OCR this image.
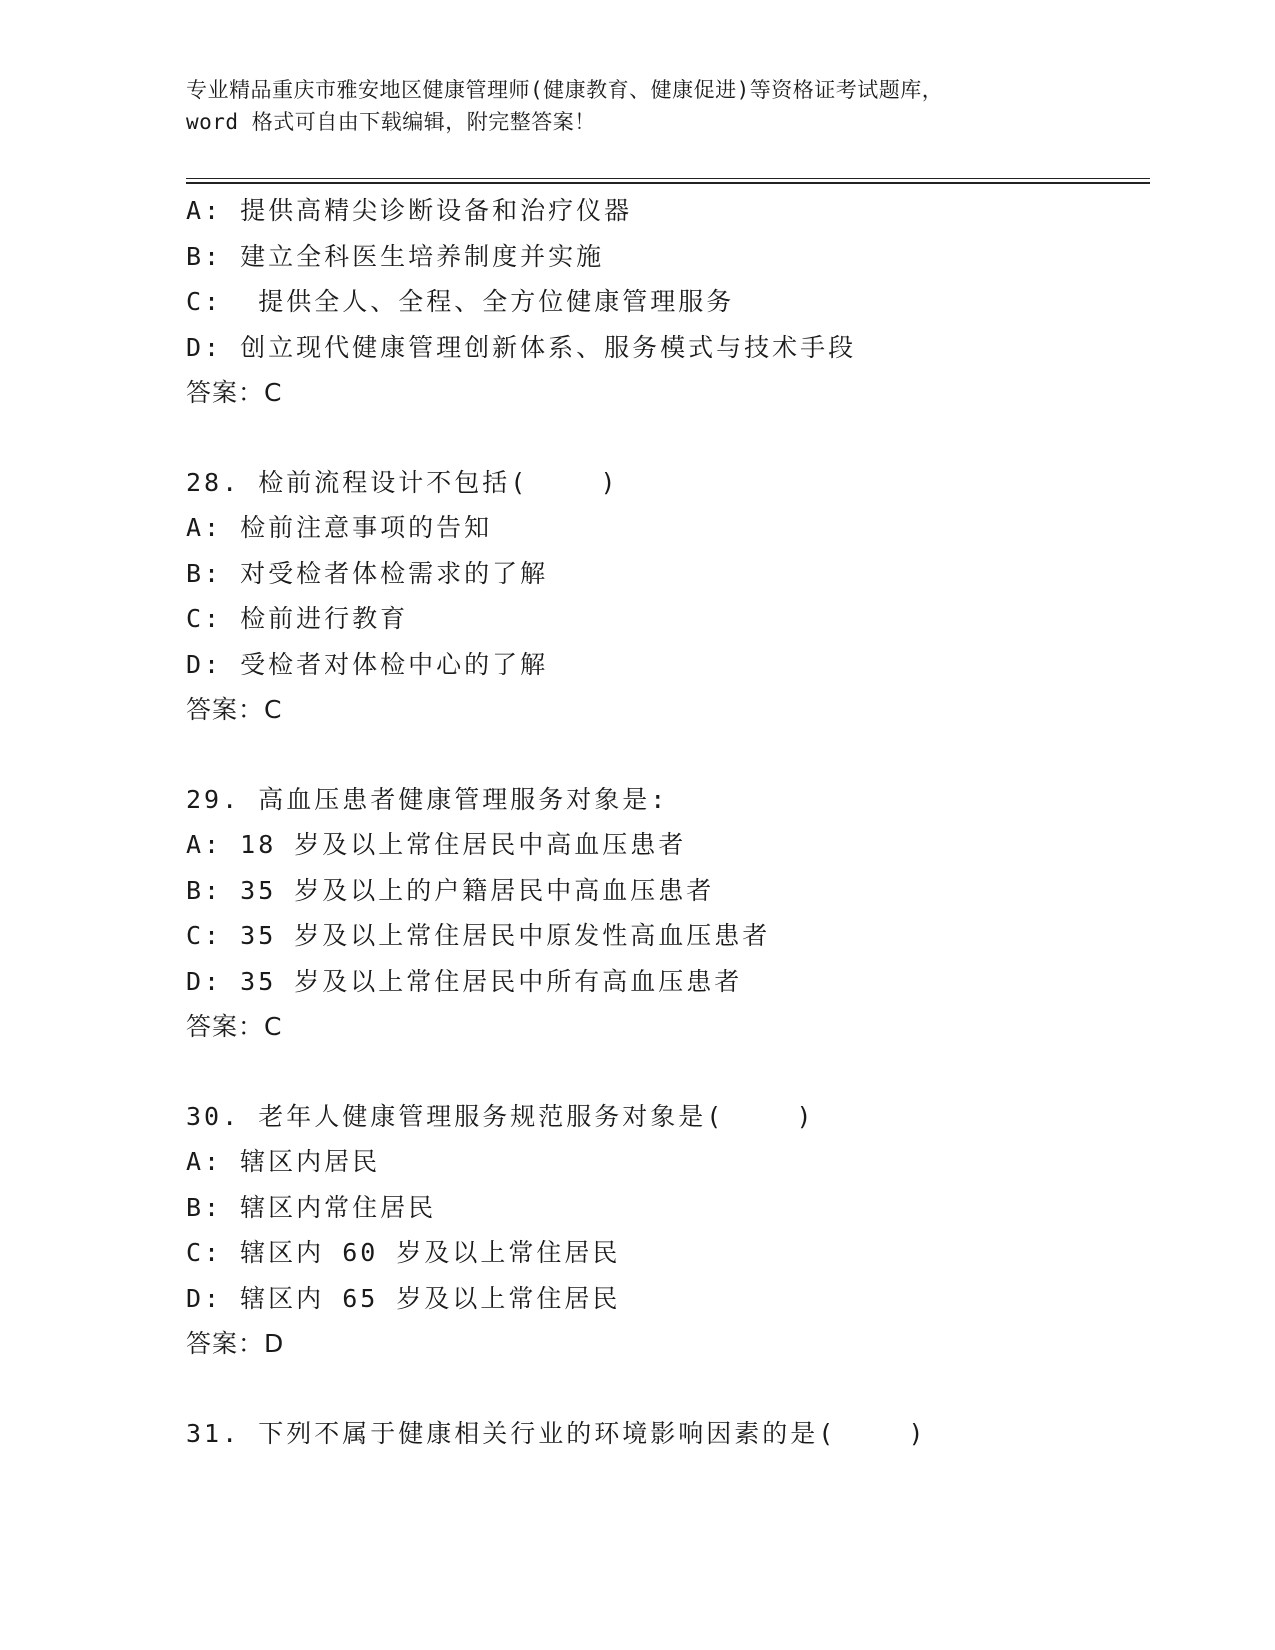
专业精品重庆市雅安地区健康管理师(健康教育、健康促进)等资格证考试题库，
word 格式可自由下载编辑，附完整答案！
A: 提供高精尖诊断设备和治疗仪器
B: 建立全科医生培养制度并实施
C:  提供全人、全程、全方位健康管理服务
D: 创立现代健康管理创新体系、服务模式与技术手段
答案：C
28. 检前流程设计不包括(    )
A: 检前注意事项的告知
B: 对受检者体检需求的了解
C: 检前进行教育
D: 受检者对体检中心的了解
答案：C
29. 高血压患者健康管理服务对象是:
A: 18 岁及以上常住居民中高血压患者
B: 35 岁及以上的户籍居民中高血压患者
C: 35 岁及以上常住居民中原发性高血压患者
D: 35 岁及以上常住居民中所有高血压患者
答案：C
30. 老年人健康管理服务规范服务对象是(    )
A: 辖区内居民
B: 辖区内常住居民
C: 辖区内 60 岁及以上常住居民
D: 辖区内 65 岁及以上常住居民
答案：D
31. 下列不属于健康相关行业的环境影响因素的是(    )
